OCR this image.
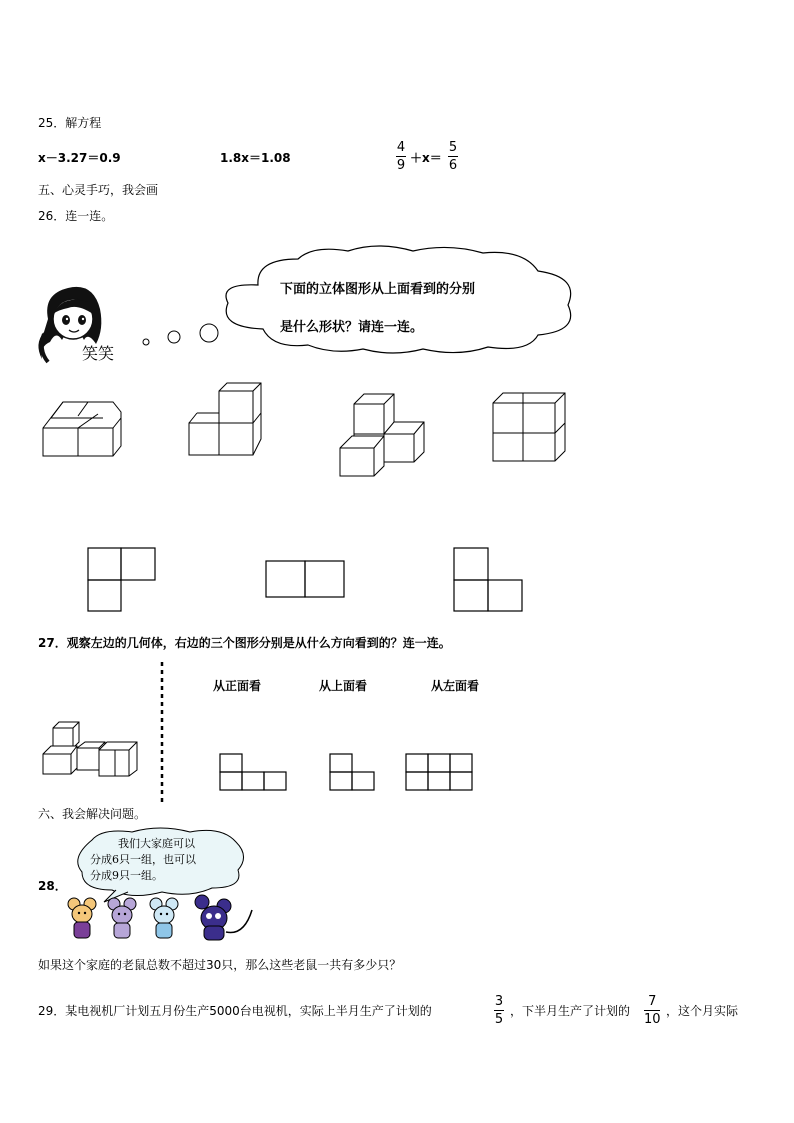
25．解方程
x－3.27＝0.9	1.8x＝1.08
4
9 ＋x＝
5
6
五、心灵手巧，我会画
26．连一连。
笑笑
下面的立体图形从上面看到的分别
是什么形状？请连一连。
27．观察左边的几何体，右边的三个图形分别是从什么方向看到的？连一连。
从正面看	从上面看	从左面看
六、我会解决问题。
我们大家庭可以
分成6只一组，也可以
分成9只一组。
28．
如果这个家庭的老鼠总数不超过30只，那么这些老鼠一共有多少只？
29．某电视机厂计划五月份生产5000台电视机，实际上半月生产了计划的
3
5
，下半月生产了计划的
7
10
，这个月实际
